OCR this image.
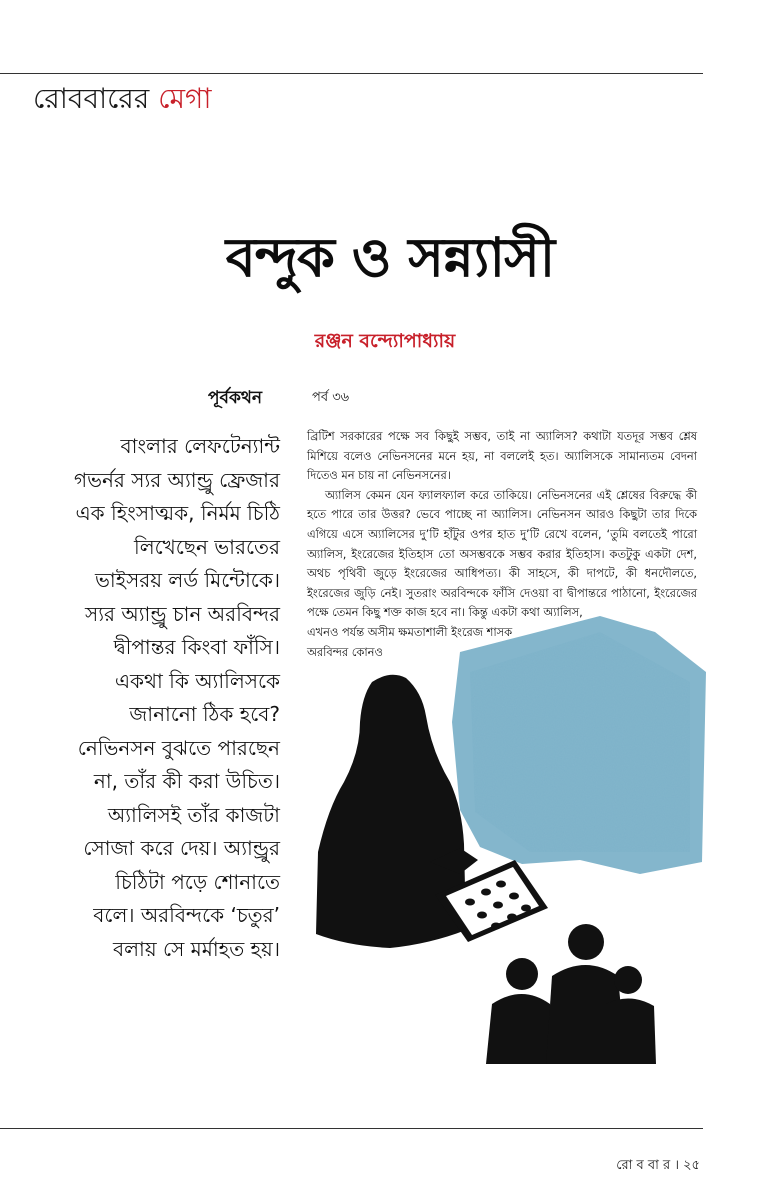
রোববারের মেগা
বন্দুক ও সন্ন্যাসী
রঞ্জন বন্দ্যোপাধ্যায়
পূর্বকথন	পর্ব ৩৬
বাংলার লেফটেন্যান্ট
গভর্নর স্যর অ্যান্ড্রু ফ্রেজার
এক হিংসাত্মক, নির্মম চিঠি
লিখেছেন ভারতের
ভাইসরয় লর্ড মিন্টোকে।
স্যর অ্যান্ড্রু চান অরবিন্দর
দ্বীপান্তর কিংবা ফাঁসি।
একথা কি অ্যালিসকে
জানানো ঠিক হবে?
নেভিনসন বুঝতে পারছেন
না, তাঁর কী করা উচিত।
অ্যালিসই তাঁর কাজটা
সোজা করে দেয়। অ্যান্ড্রুর
চিঠিটা পড়ে শোনাতে
বলে। অরবিন্দকে ‘চতুর’
বলায় সে মর্মাহত হয়।

ব্রিটিশ সরকারের পক্ষে সব কিছুই সম্ভব, তাই না অ্যালিস? কথাটা যতদূর সম্ভব শ্লেষ মিশিয়ে বলেও নেভিনসনের মনে হয়, না বললেই হত। অ্যালিসকে সামান্যতম বেদনা দিতেও মন চায় না নেভিনসনের।

অ্যালিস কেমন যেন ফ্যালফ্যাল করে তাকিয়ে। নেভিনসনের এই শ্লেষের বিরুদ্ধে কী হতে পারে তার উত্তর? ভেবে পাচ্ছে না অ্যালিস। নেভিনসন আরও কিছুটা তার দিকে এগিয়ে এসে অ্যালিসের দু’টি হাঁটুর ওপর হাত দু’টি রেখে বলেন, ‘তুমি বলতেই পারো অ্যালিস, ইংরেজের ইতিহাস তো অসম্ভবকে সম্ভব করার ইতিহাস। কতটুকু একটা দেশ, অথচ পৃথিবী জুড়ে ইংরেজের আধিপত্য। কী সাহসে, কী দাপটে, কী ধনদৌলতে, ইংরেজের জুড়ি নেই। সুতরাং অরবিন্দকে ফাঁসি দেওয়া বা দ্বীপান্তরে পাঠানো, ইংরেজের পক্ষে তেমন কিছু শক্ত কাজ হবে না। কিন্তু একটা কথা অ্যালিস,

এখনও পর্যন্ত অসীম ক্ষমতাশালী ইংরেজ শাসক অরবিন্দর কোনও

রো ব বা র । ২৫
